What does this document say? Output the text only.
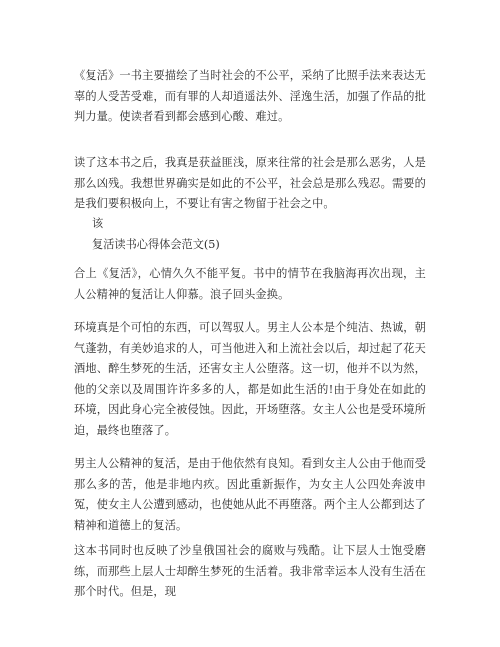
《复活》一书主要描绘了当时社会的不公平，采纳了比照手法来表达无辜的人受苦受难，而有罪的人却逍遥法外、淫逸生活，加强了作品的批判力量。使读者看到都会感到心酸、难过。

读了这本书之后，我真是获益匪浅，原来往常的社会是那么恶劣，人是那么凶残。我想世界确实是如此的不公平，社会总是那么残忍。需要的是我们要积极向上，不要让有害之物留于社会之中。

该

复活读书心得体会范文(5)

合上《复活》，心情久久不能平复。书中的情节在我脑海再次出现，主人公精神的复活让人仰慕。浪子回头金换。

环境真是个可怕的东西，可以驾驭人。男主人公本是个纯洁、热诚，朝气蓬勃，有美妙追求的人，可当他进入和上流社会以后，却过起了花天酒地、醉生梦死的生活，还害女主人公堕落。这一切，他并不以为然，他的父亲以及周围许许多多的人，都是如此生活的!由于身处在如此的环境，因此身心完全被侵蚀。因此，开场堕落。女主人公也是受环境所迫，最终也堕落了。

男主人公精神的复活，是由于他依然有良知。看到女主人公由于他而受那么多的苦，他是非地内疚。因此重新振作，为女主人公四处奔波申冤，使女主人公遭到感动，也使她从此不再堕落。两个主人公都到达了精神和道德上的复活。

这本书同时也反映了沙皇俄国社会的腐败与残酷。让下层人士饱受磨练，而那些上层人士却醉生梦死的生活着。我非常幸运本人没有生活在那个时代。但是，现
